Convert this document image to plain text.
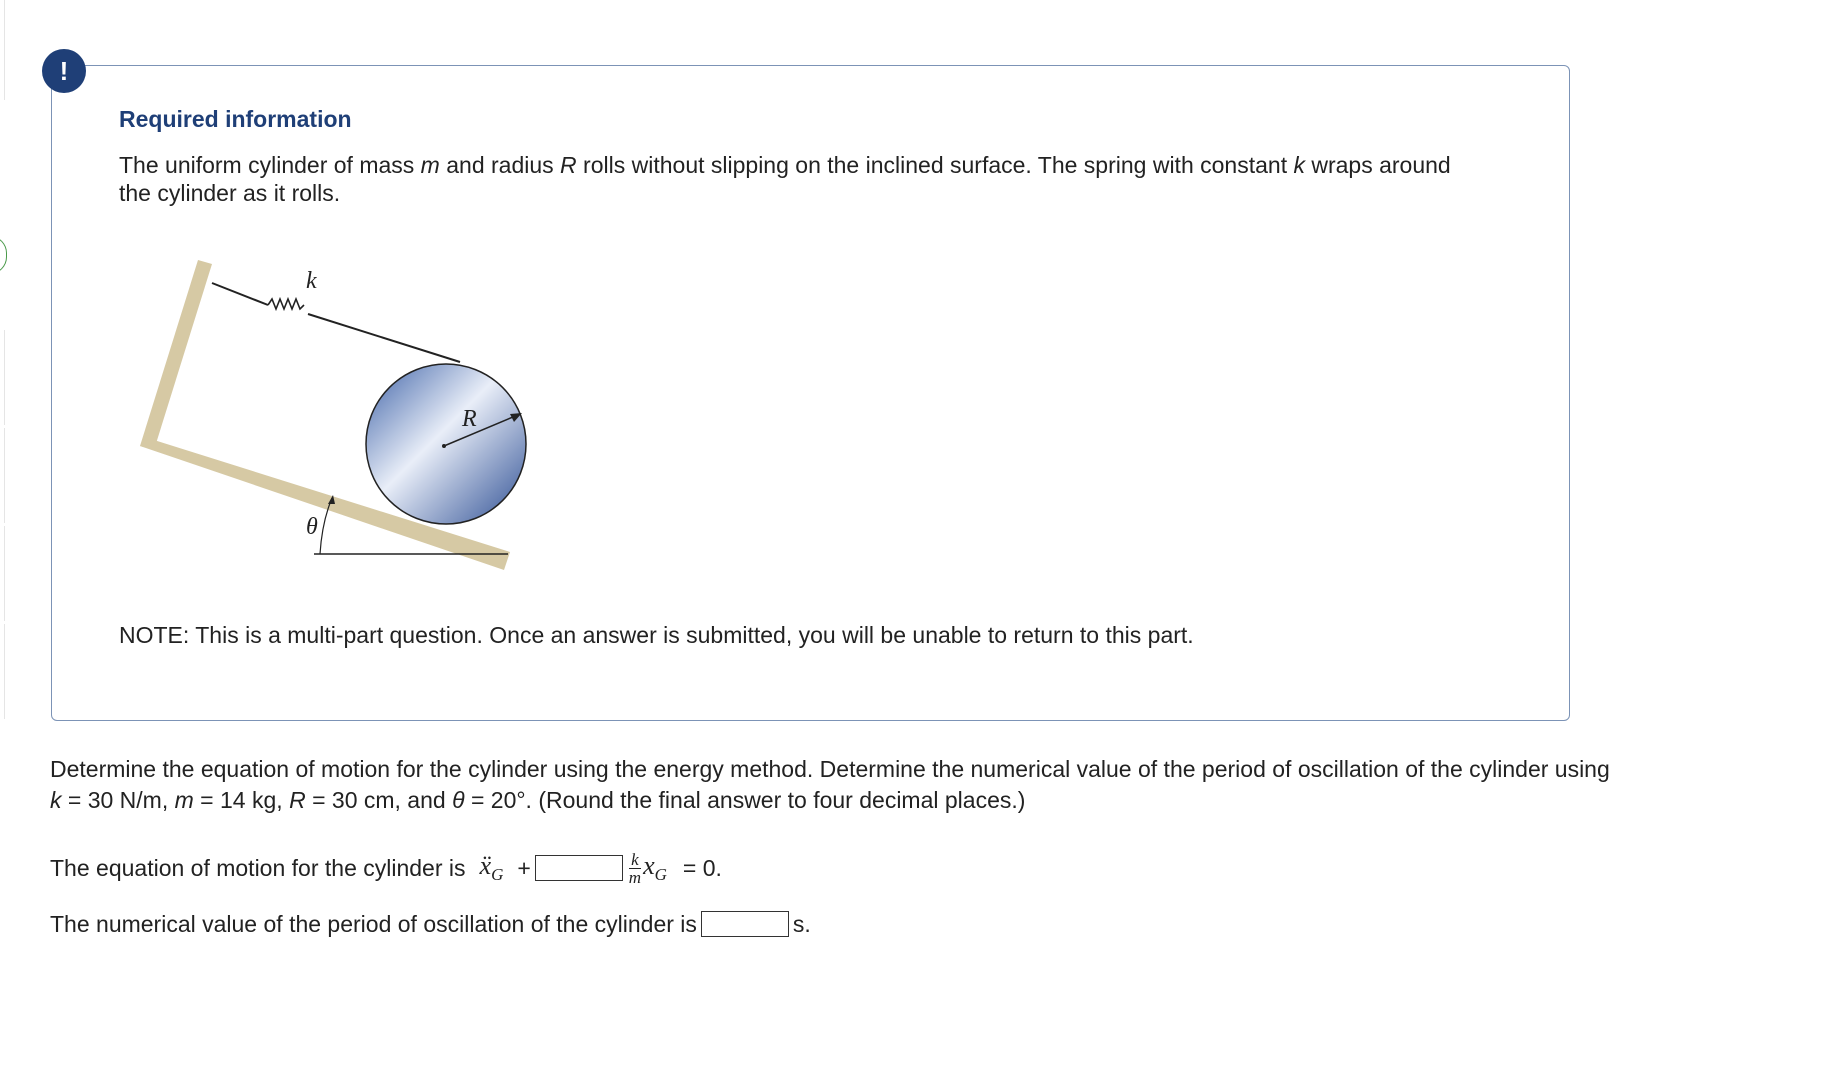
!
Required information
The uniform cylinder of mass m and radius R rolls without slipping on the inclined surface. The spring with constant k wraps around the cylinder as it rolls.
k
R
θ
NOTE: This is a multi-part question. Once an answer is submitted, you will be unable to return to this part.
Determine the equation of motion for the cylinder using the energy method. Determine the numerical value of the period of oscillation of the cylinder using k = 30 N/m, m = 14 kg, R = 30 cm, and θ = 20°. (Round the final answer to four decimal places.)
The equation of motion for the cylinder is ẍ$_G$ +	$\frac{k}{m} x_G = 0$.
The numerical value of the period of oscillation of the cylinder is	s.
